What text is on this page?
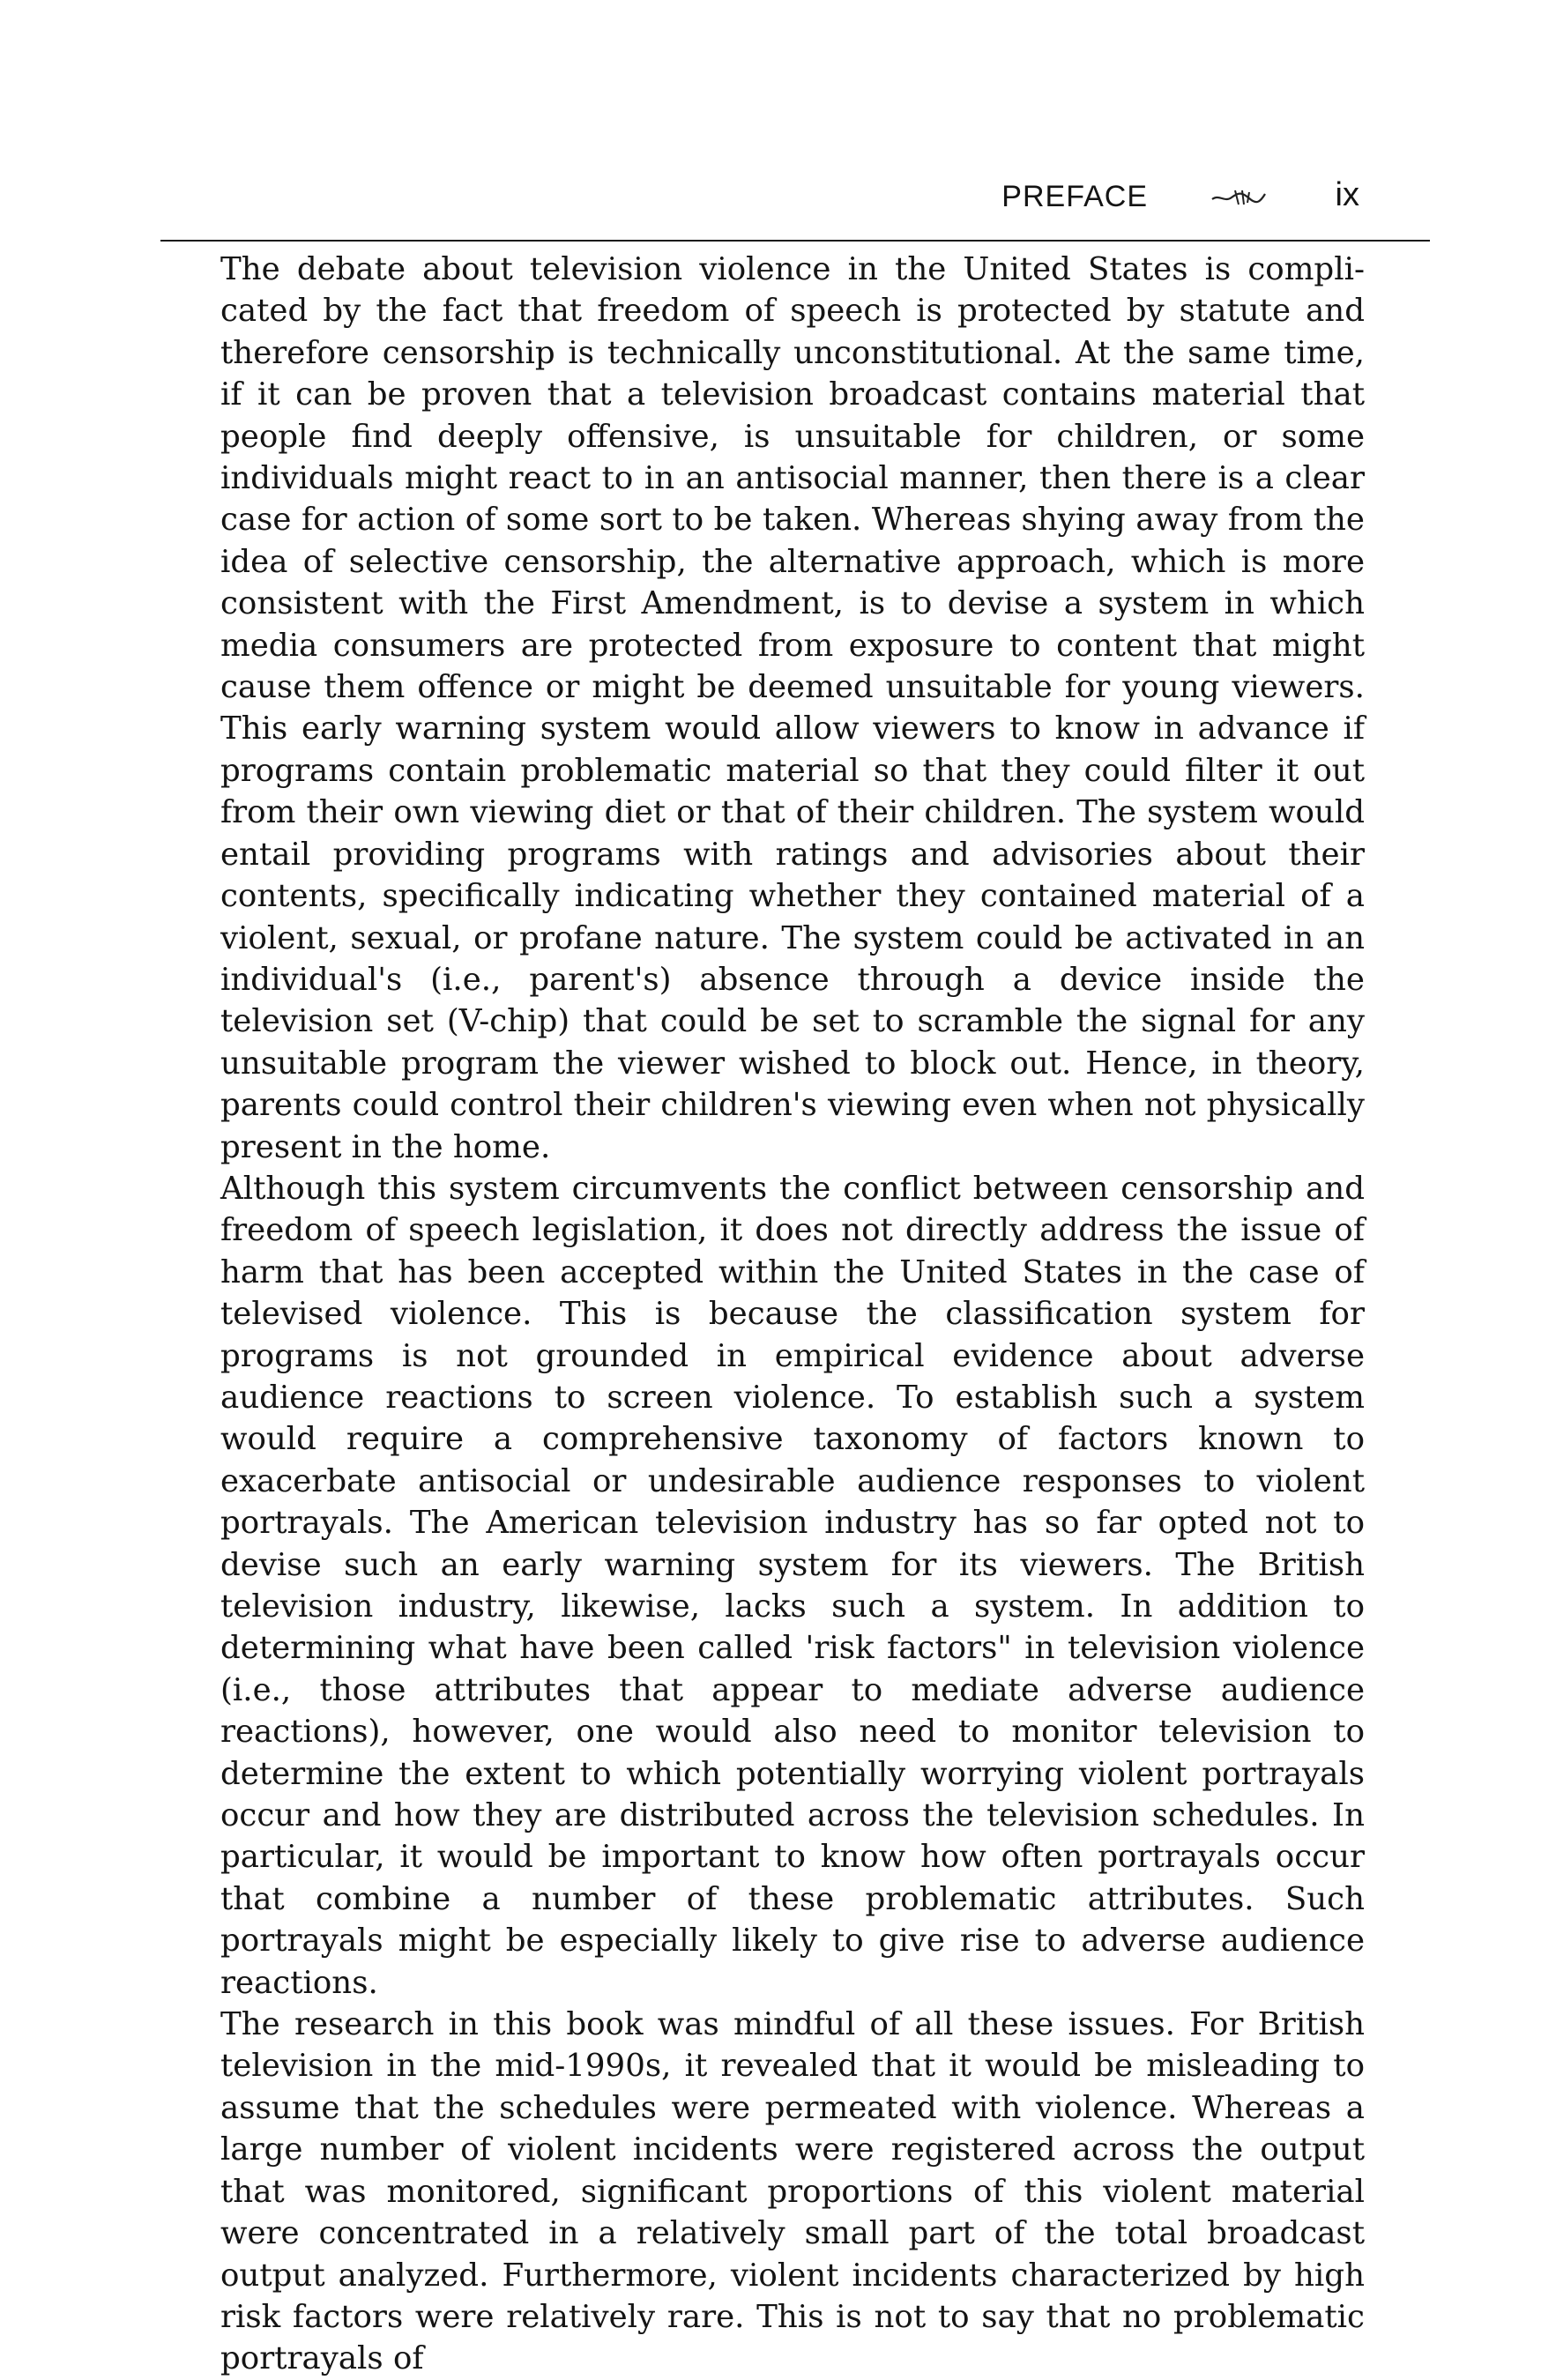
PREFACE	ix

The debate about television violence in the United States is complicated by the fact that freedom of speech is protected by statute and therefore censorship is technically unconstitutional. At the same time, if it can be proven that a television broadcast contains material that people find deeply offensive, is unsuitable for children, or some individuals might react to in an antisocial manner, then there is a clear case for action of some sort to be taken. Whereas shying away from the idea of selective censorship, the alternative approach, which is more consistent with the First Amendment, is to devise a system in which media consumers are protected from exposure to content that might cause them offence or might be deemed unsuitable for young viewers. This early warning system would allow viewers to know in advance if programs contain problematic material so that they could filter it out from their own viewing diet or that of their children. The system would entail providing programs with ratings and advisories about their contents, specifically indicating whether they contained material of a violent, sexual, or profane nature. The system could be activated in an individual's (i.e., parent's) absence through a device inside the television set (V-chip) that could be set to scramble the signal for any unsuitable program the viewer wished to block out. Hence, in theory, parents could control their children's viewing even when not physically present in the home.

Although this system circumvents the conflict between censorship and freedom of speech legislation, it does not directly address the issue of harm that has been accepted within the United States in the case of televised violence. This is because the classification system for programs is not grounded in empirical evidence about adverse audience reactions to screen violence. To establish such a system would require a comprehensive taxonomy of factors known to exacerbate antisocial or undesirable audience responses to violent portrayals. The American television industry has so far opted not to devise such an early warning system for its viewers. The British television industry, likewise, lacks such a system. In addition to determining what have been called 'risk factors" in television violence (i.e., those attributes that appear to mediate adverse audience reactions), however, one would also need to monitor television to determine the extent to which potentially worrying violent portrayals occur and how they are distributed across the television schedules. In particular, it would be important to know how often portrayals occur that combine a number of these problematic attributes. Such portrayals might be especially likely to give rise to adverse audience reactions.

The research in this book was mindful of all these issues. For British television in the mid-1990s, it revealed that it would be misleading to assume that the schedules were permeated with violence. Whereas a large number of violent incidents were registered across the output that was monitored, significant proportions of this violent material were concentrated in a relatively small part of the total broadcast output analyzed. Furthermore, violent incidents characterized by high risk factors were relatively rare. This is not to say that no problematic portrayals of
